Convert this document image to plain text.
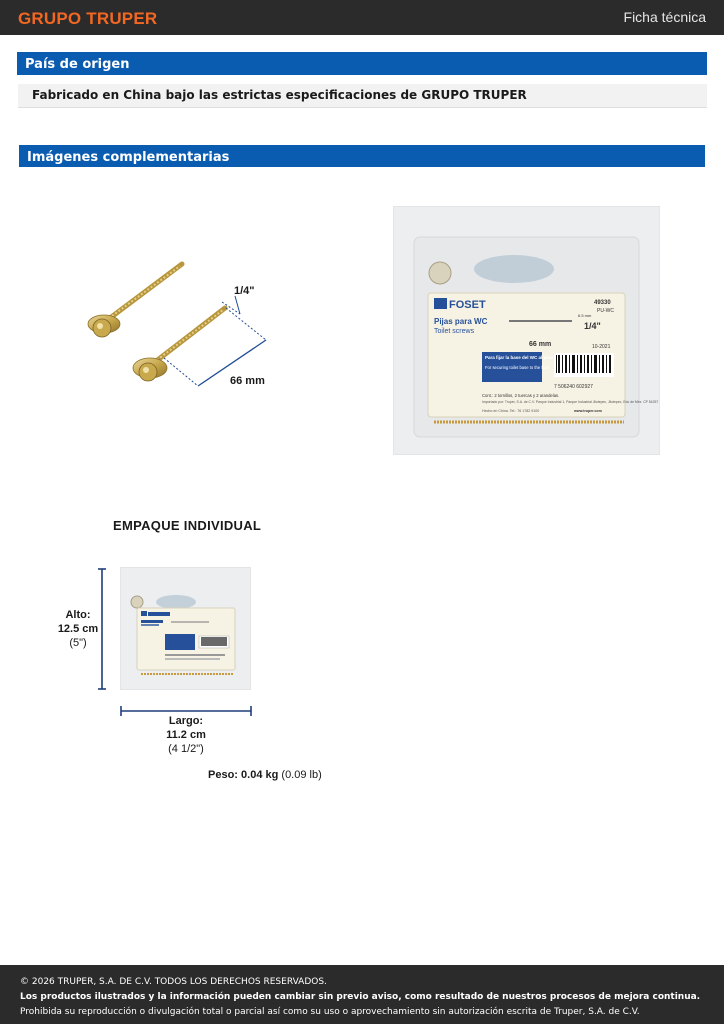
GRUPO TRUPER	Ficha técnica
País de origen
Fabricado en China bajo las estrictas especificaciones de GRUPO TRUPER
Imágenes complementarias
1/4"
66 mm
FOSET	49330
PU-WC
Pijas para WC
Toilet screws
6.5 mm
1/4"
66 mm	10-2021
Para fijar la base del WC al piso
For securing toilet base to the floor
7 506240 602927
Cont.: 2 tornillos, 2 tuercas y 2 arandelas.
Importado por: Truper, S.A. de C.V. Parque Industrial 1, Parque Industrial Jilotepec, Jilotepec, Edo de Méx. CP 54257 Made
Hecho en China. Tel.: 76 1782 9100	www.truper.com
EMPAQUE INDIVIDUAL
Alto:
12.5 cm
(5")
Largo:
11.2 cm
(4 1/2")
Peso: 0.04 kg (0.09 lb)
© 2026 TRUPER, S.A. DE C.V. TODOS LOS DERECHOS RESERVADOS.
Los productos ilustrados y la información pueden cambiar sin previo aviso, como resultado de nuestros procesos de mejora continua.
Prohibida su reproducción o divulgación total o parcial así como su uso o aprovechamiento sin autorización escrita de Truper, S.A. de C.V.
